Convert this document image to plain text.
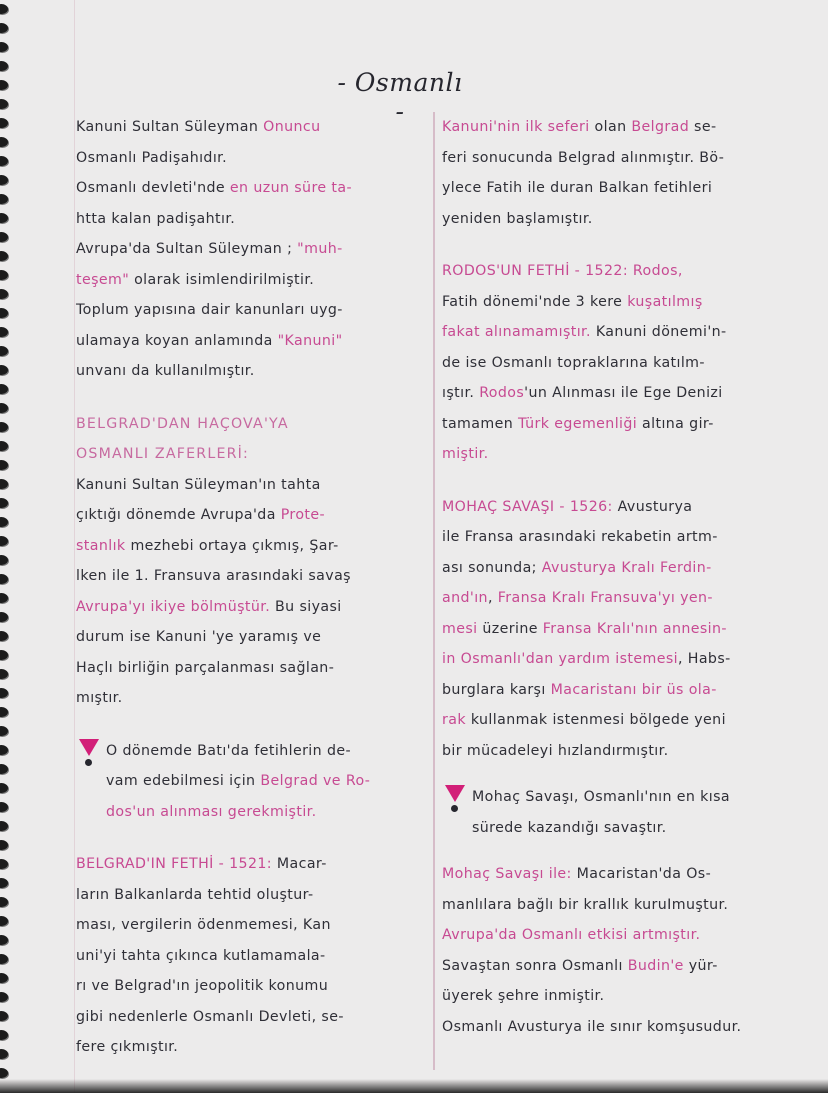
- Osmanlı -

Kanuni Sultan Süleyman Onuncu

Osmanlı Padişahıdır.

Osmanlı devleti'nde en uzun süre ta-

htta kalan padişahtır.

Avrupa'da Sultan Süleyman ; "muh-

teşem" olarak isimlendirilmiştir.

Toplum yapısına dair kanunları uyg-

ulamaya koyan anlamında "Kanuni"

unvanı da kullanılmıştır.

BELGRAD'DAN HAÇOVA'YA

OSMANLI ZAFERLERİ:

Kanuni Sultan Süleyman'ın tahta

çıktığı dönemde Avrupa'da Prote-

stanlık mezhebi ortaya çıkmış, Şar-

lken ile 1. Fransuva arasındaki savaş

Avrupa'yı ikiye bölmüştür. Bu siyasi

durum ise Kanuni 'ye yaramış ve

Haçlı birliğin parçalanması sağlan-

mıştır.

O dönemde Batı'da fetihlerin de-

vam edebilmesi için Belgrad ve Ro-

dos'un alınması gerekmiştir.

BELGRAD'IN FETHİ - 1521: Macar-

ların Balkanlarda tehtid oluştur-

ması, vergilerin ödenmemesi, Kan

uni'yi tahta çıkınca kutlamamala-

rı ve Belgrad'ın jeopolitik konumu

gibi nedenlerle Osmanlı Devleti, se-

fere çıkmıştır.

Kanuni'nin ilk seferi olan Belgrad se-

feri sonucunda Belgrad alınmıştır. Bö-

ylece Fatih ile duran Balkan fetihleri

yeniden başlamıştır.

RODOS'UN FETHİ - 1522: Rodos,

Fatih dönemi'nde 3 kere kuşatılmış

fakat alınamamıştır. Kanuni dönemi'n-

de ise Osmanlı topraklarına katılm-

ıştır. Rodos'un Alınması ile Ege Denizi

tamamen Türk egemenliği altına gir-

miştir.

MOHAÇ SAVAŞI - 1526: Avusturya

ile Fransa arasındaki rekabetin artm-

ası sonunda; Avusturya Kralı Ferdin-

and'ın, Fransa Kralı Fransuva'yı yen-

mesi üzerine Fransa Kralı'nın annesin-

in Osmanlı'dan yardım istemesi, Habs-

burglara karşı Macaristanı bir üs ola-

rak kullanmak istenmesi bölgede yeni

bir mücadeleyi hızlandırmıştır.

Mohaç Savaşı, Osmanlı'nın en kısa

sürede kazandığı savaştır.

Mohaç Savaşı ile: Macaristan'da Os-

manlılara bağlı bir krallık kuruImuştur.

Avrupa'da Osmanlı etkisi artmıştır.

Savaştan sonra Osmanlı Budin'e yür-

üyerek şehre inmiştir.

Osmanlı Avusturya ile sınır komşusudur.
